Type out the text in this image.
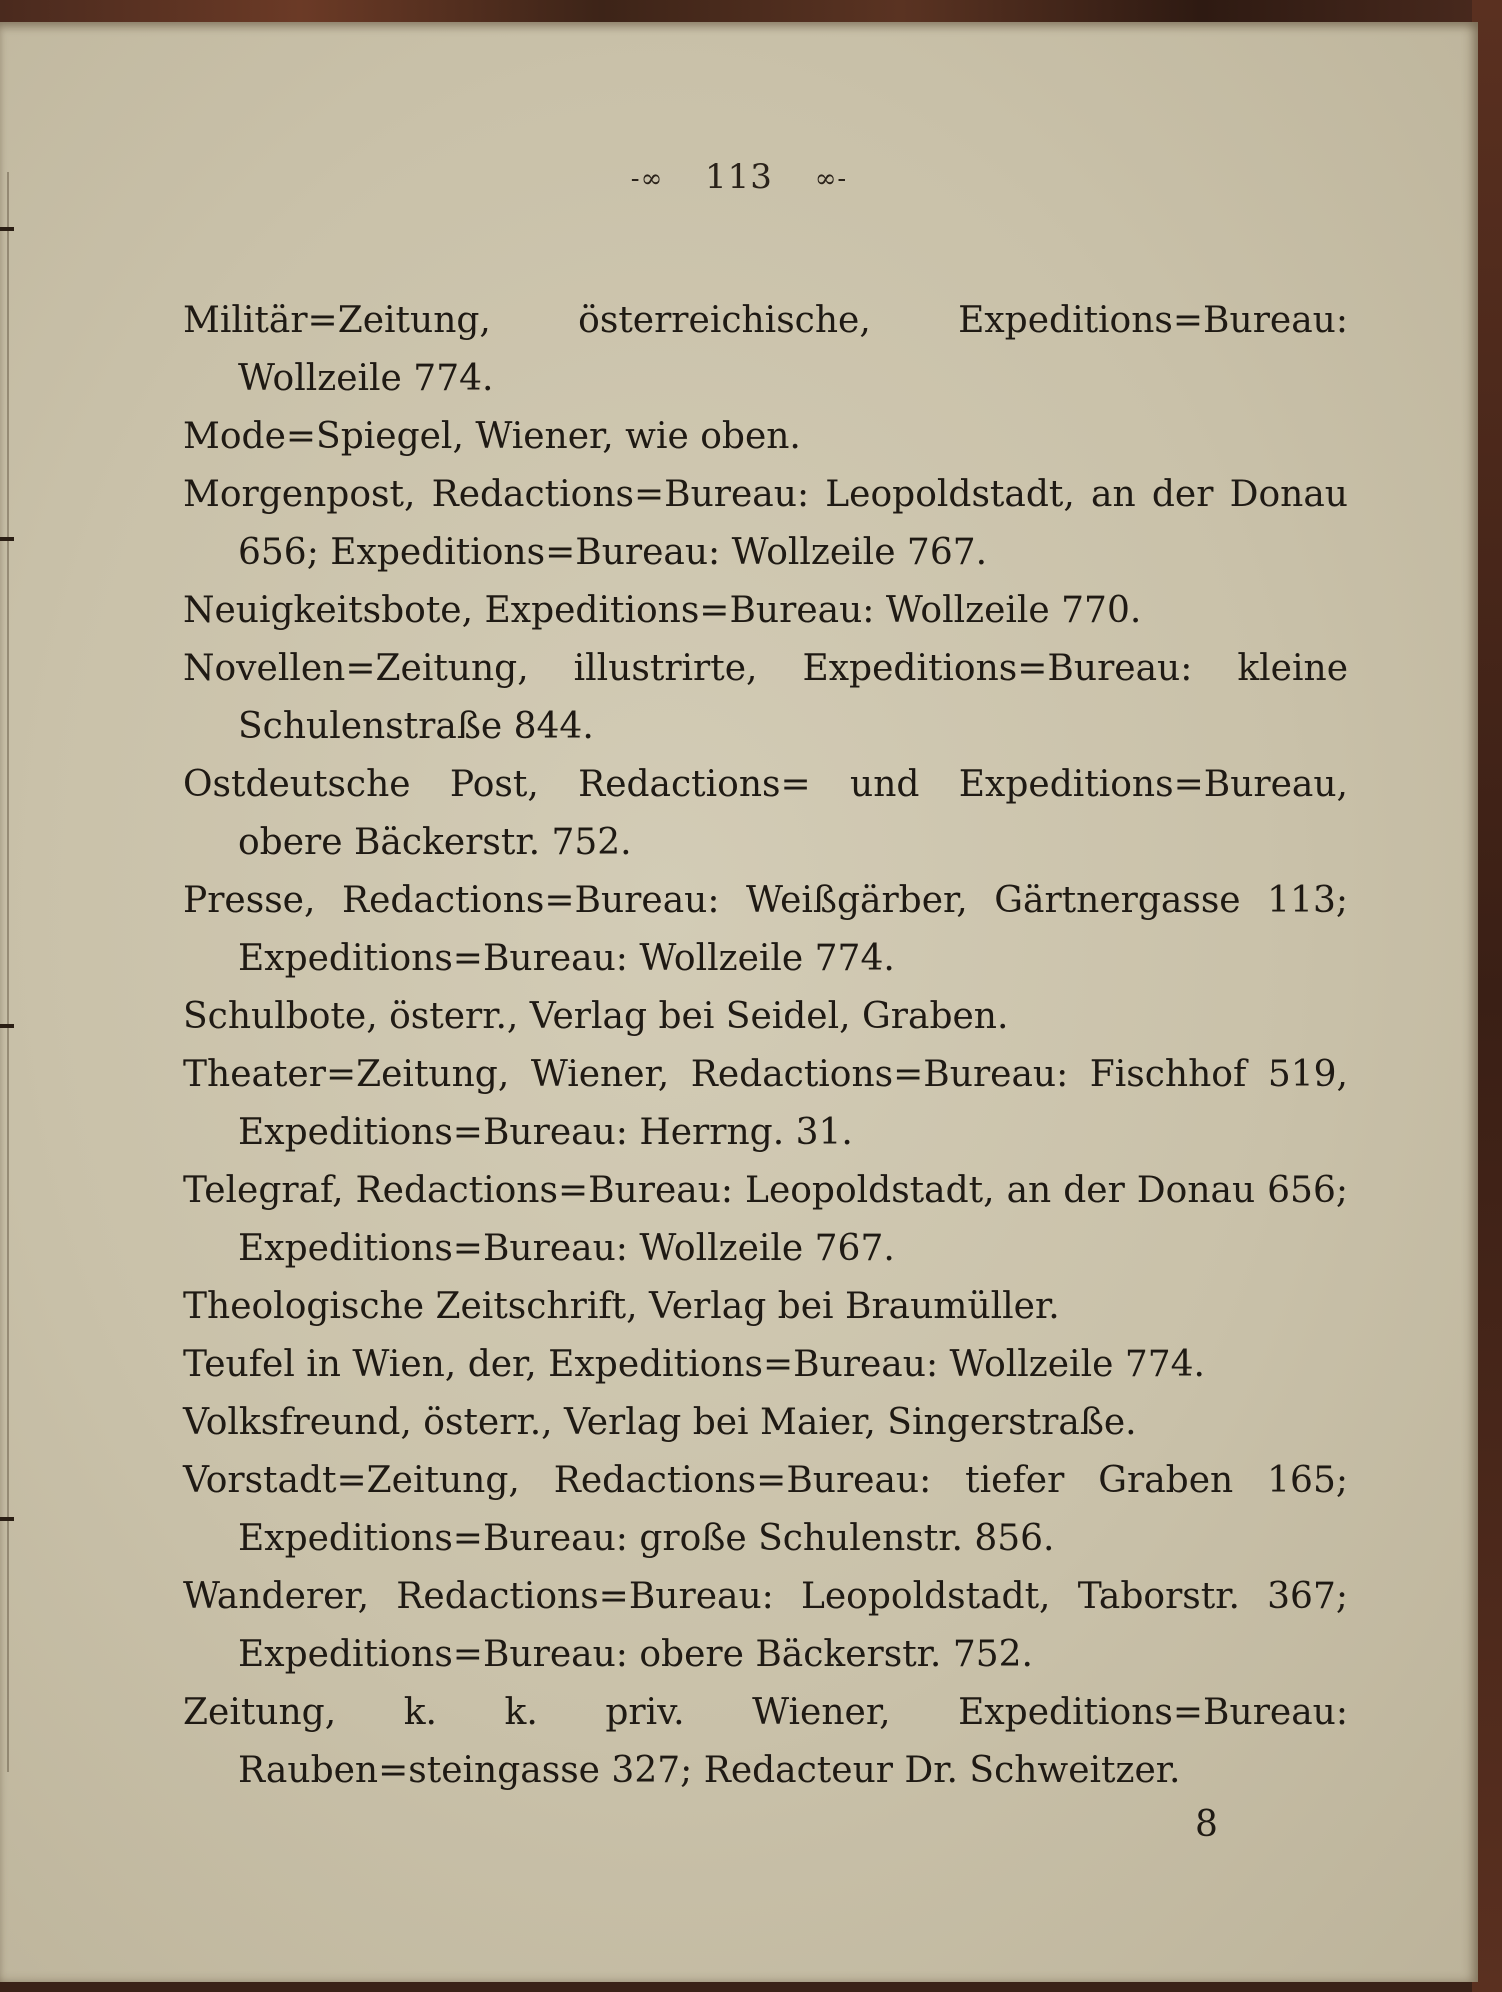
-∞ 113 ∞-

Militär=Zeitung, österreichische, Expeditions=Bureau: Wollzeile 774.

Mode=Spiegel, Wiener, wie oben.

Morgenpost, Redactions=Bureau: Leopoldstadt, an der Donau 656; Expeditions=Bureau: Wollzeile 767.

Neuigkeitsbote, Expeditions=Bureau: Wollzeile 770.

Novellen=Zeitung, illustrirte, Expeditions=Bureau: kleine Schulenstraße 844.

Ostdeutsche Post, Redactions= und Expeditions=Bureau, obere Bäckerstr. 752.

Presse, Redactions=Bureau: Weißgärber, Gärtnergasse 113; Expeditions=Bureau: Wollzeile 774.

Schulbote, österr., Verlag bei Seidel, Graben.

Theater=Zeitung, Wiener, Redactions=Bureau: Fischhof 519, Expeditions=Bureau: Herrng. 31.

Telegraf, Redactions=Bureau: Leopoldstadt, an der Donau 656; Expeditions=Bureau: Wollzeile 767.

Theologische Zeitschrift, Verlag bei Braumüller.

Teufel in Wien, der, Expeditions=Bureau: Wollzeile 774.

Volksfreund, österr., Verlag bei Maier, Singerstraße.

Vorstadt=Zeitung, Redactions=Bureau: tiefer Graben 165; Expeditions=Bureau: große Schulenstr. 856.

Wanderer, Redactions=Bureau: Leopoldstadt, Taborstr. 367; Expeditions=Bureau: obere Bäckerstr. 752.

Zeitung, k. k. priv. Wiener, Expeditions=Bureau: Rauben=steingasse 327; Redacteur Dr. Schweitzer.

8
